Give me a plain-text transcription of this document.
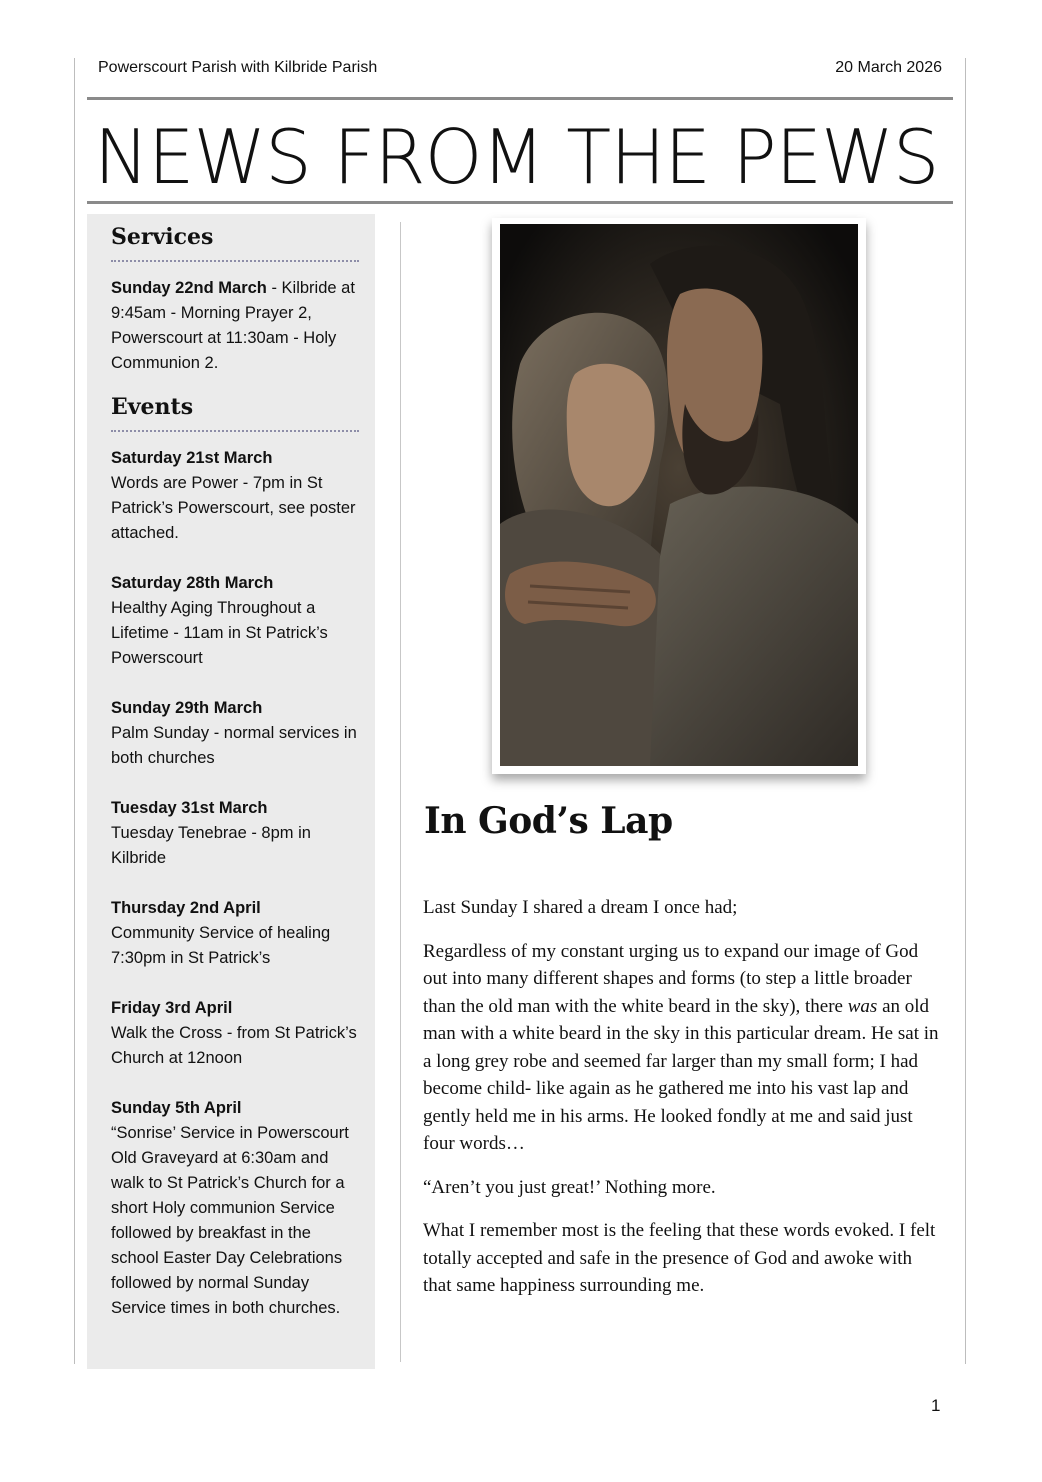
Powerscourt Parish with Kilbride Parish	20 March 2026
NEWS FROM THE PEWS
Services
Sunday 22nd March - Kilbride at 9:45am - Morning Prayer 2, Powerscourt at 11:30am - Holy Communion 2.
Events
Saturday 21st March
Words are Power - 7pm in St Patrick’s Powerscourt, see poster attached.
Saturday 28th March
Healthy Aging Throughout a Lifetime - 11am in St Patrick’s Powerscourt
Sunday 29th March
Palm Sunday - normal services in both churches
Tuesday 31st March
Tuesday Tenebrae - 8pm in Kilbride
Thursday 2nd April
Community Service of healing 7:30pm in St Patrick’s
Friday 3rd April
Walk the Cross - from St Patrick’s Church at 12noon
Sunday 5th April
“Sonrise’ Service in Powerscourt Old Graveyard at 6:30am and walk to St Patrick’s Church for a short Holy communion Service followed by breakfast in the school Easter Day Celebrations followed by normal Sunday Service times in both churches.
In God’s Lap

Last Sunday I shared a dream I once had;

Regardless of my constant urging us to expand our image of God out into many different shapes and forms (to step a little broader than the old man with the white beard in the sky), there was an old man with a white beard in the sky in this particular dream. He sat in a long grey robe and seemed far larger than my small form; I had become child- like again as he gathered me into his vast lap and gently held me in his arms. He looked fondly at me and said just four words…

“Aren’t you just great!’ Nothing more.

What I remember most is the feeling that these words evoked. I felt totally accepted and safe in the presence of God and awoke with that same happiness surrounding me.

1
